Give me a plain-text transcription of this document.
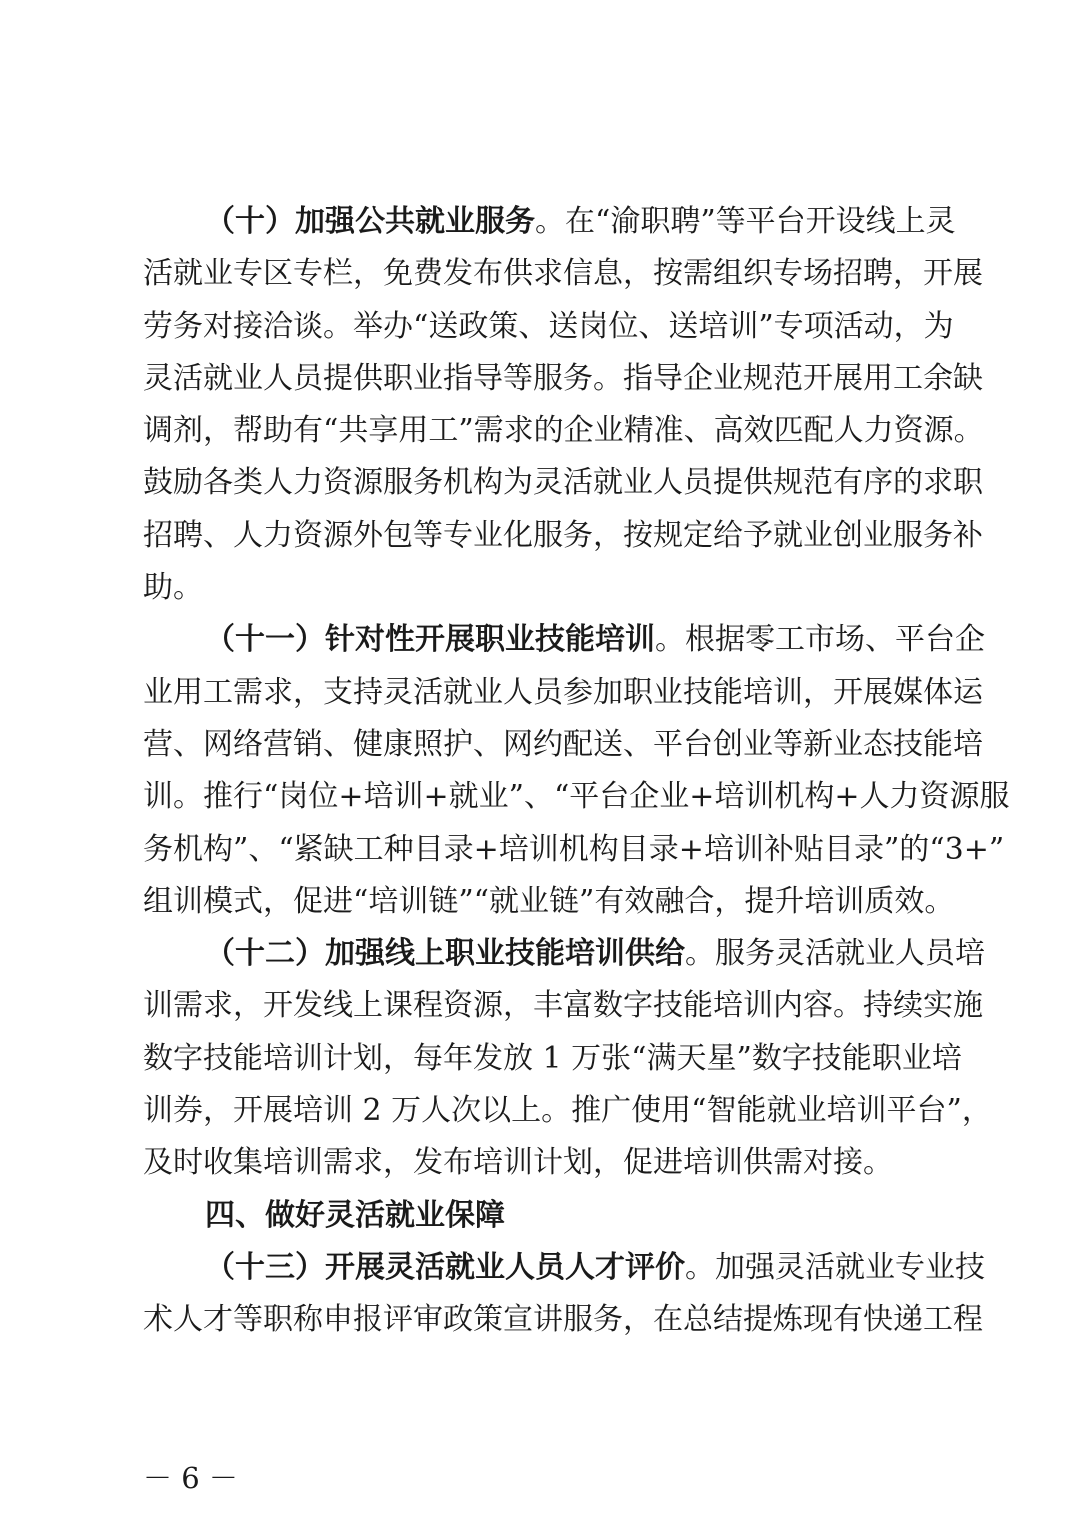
（十）加强公共就业服务。在“渝职聘”等平台开设线上灵
活就业专区专栏，免费发布供求信息，按需组织专场招聘，开展
劳务对接洽谈。举办“送政策、送岗位、送培训”专项活动，为
灵活就业人员提供职业指导等服务。指导企业规范开展用工余缺
调剂，帮助有“共享用工”需求的企业精准、高效匹配人力资源。
鼓励各类人力资源服务机构为灵活就业人员提供规范有序的求职
招聘、人力资源外包等专业化服务，按规定给予就业创业服务补
助。
（十一）针对性开展职业技能培训。根据零工市场、平台企
业用工需求，支持灵活就业人员参加职业技能培训，开展媒体运
营、网络营销、健康照护、网约配送、平台创业等新业态技能培
训。推行“岗位+培训+就业”、“平台企业+培训机构+人力资源服
务机构”、“紧缺工种目录+培训机构目录+培训补贴目录”的“3+”
组训模式，促进“培训链”“就业链”有效融合，提升培训质效。
（十二）加强线上职业技能培训供给。服务灵活就业人员培
训需求，开发线上课程资源，丰富数字技能培训内容。持续实施
数字技能培训计划，每年发放 1 万张“满天星”数字技能职业培
训券，开展培训 2 万人次以上。推广使用“智能就业培训平台”，
及时收集培训需求，发布培训计划，促进培训供需对接。
四、做好灵活就业保障
（十三）开展灵活就业人员人才评价。加强灵活就业专业技
术人才等职称申报评审政策宣讲服务，在总结提炼现有快递工程
－ 6 －
